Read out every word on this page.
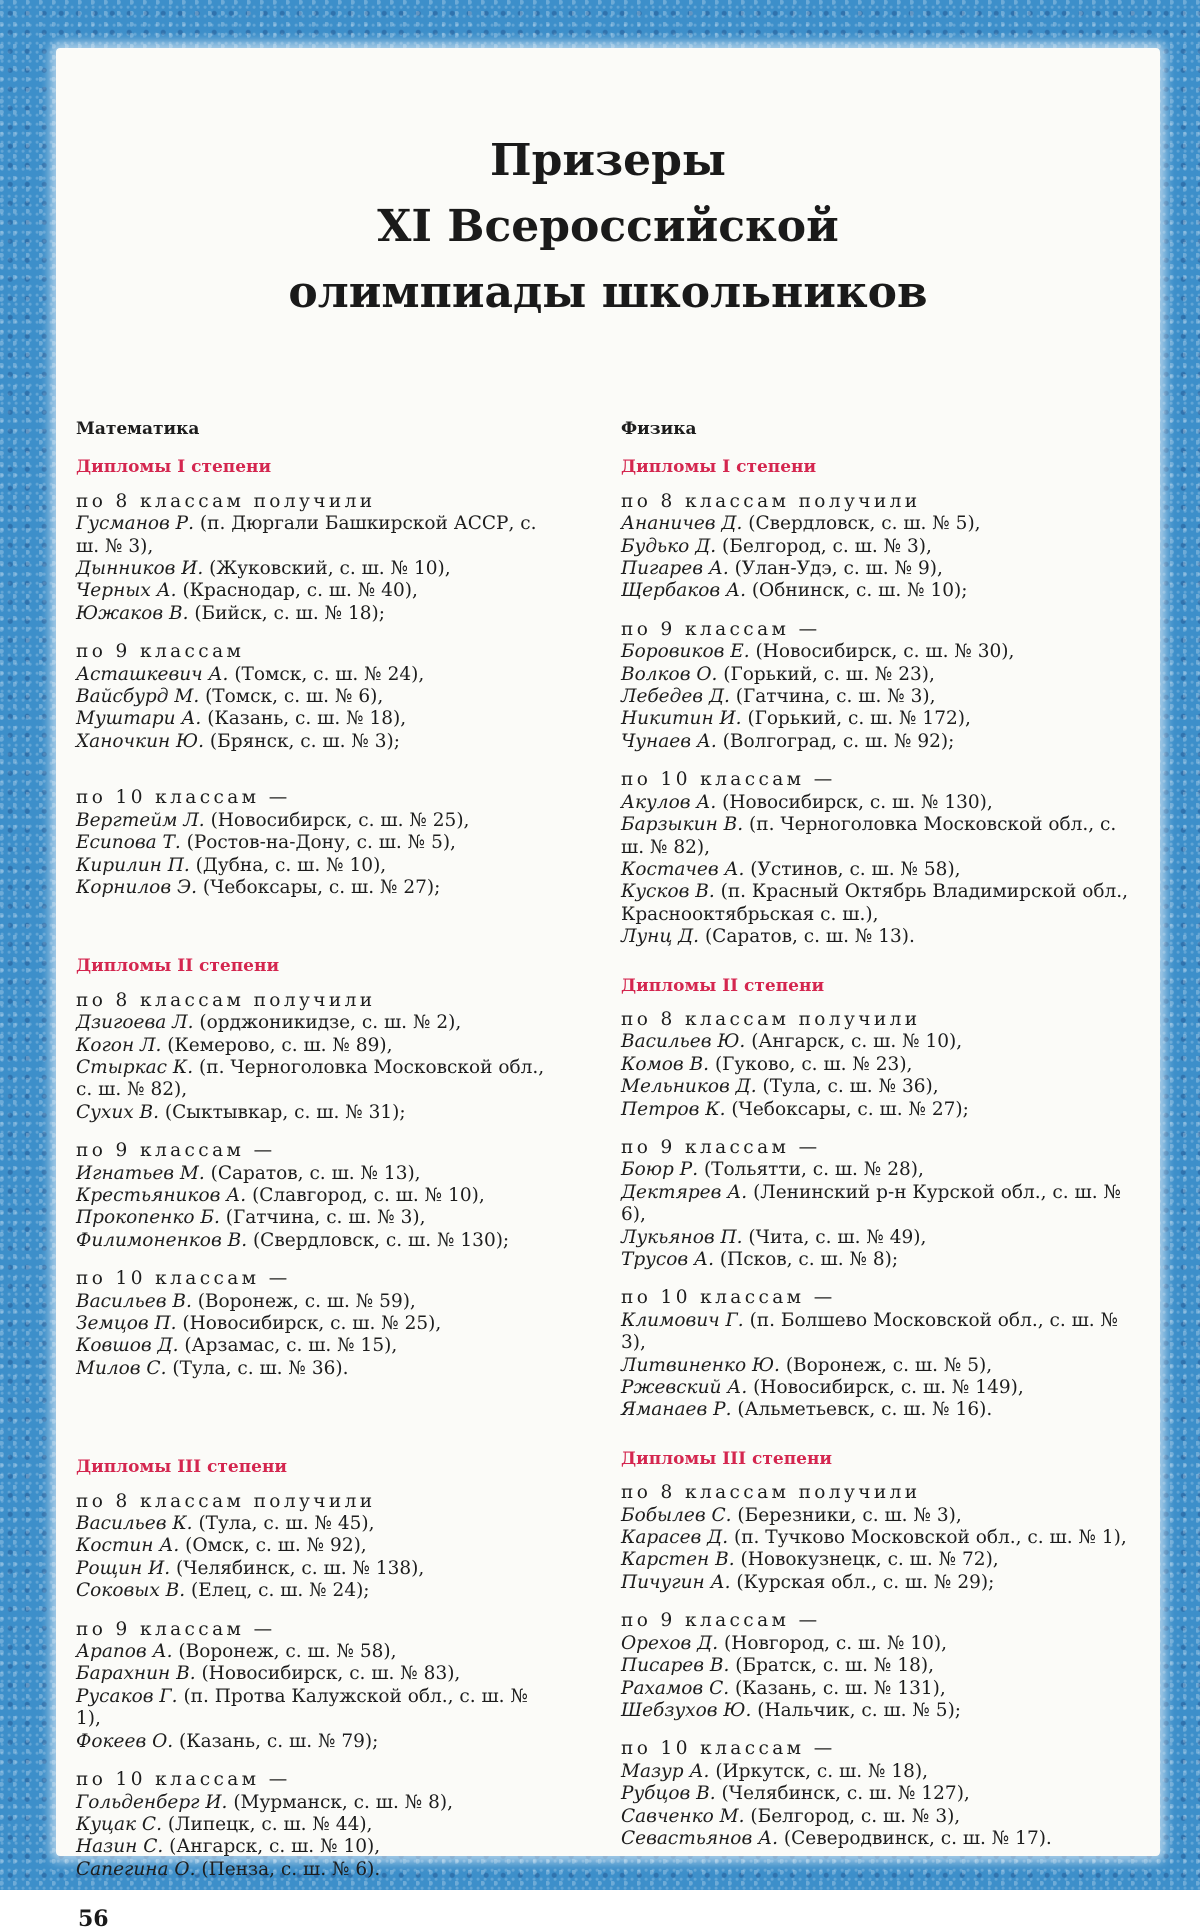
Призеры
XI Всероссийской
олимпиады школьников
Математика
Дипломы I степени
по 8 классам получили
Гусманов Р. (п. Дюргали Башкирской АССР, с. ш. № 3),
Дынников И. (Жуковский, с. ш. № 10),
Черных А. (Краснодар, с. ш. № 40),
Южаков В. (Бийск, с. ш. № 18);
по 9 классам
Асташкевич А. (Томск, с. ш. № 24),
Вайсбурд М. (Томск, с. ш. № 6),
Муштари А. (Казань, с. ш. № 18),
Ханочкин Ю. (Брянск, с. ш. № 3);
по 10 классам —
Вергтейм Л. (Новосибирск, с. ш. № 25),
Есипова Т. (Ростов-на-Дону, с. ш. № 5),
Кирилин П. (Дубна, с. ш. № 10),
Корнилов Э. (Чебоксары, с. ш. № 27);
Дипломы II степени
по 8 классам получили
Дзигоева Л. (орджоникидзе, с. ш. № 2),
Когон Л. (Кемерово, с. ш. № 89),
Стыркас К. (п. Черноголовка Московской обл., с. ш. № 82),
Сухих В. (Сыктывкар, с. ш. № 31);
по 9 классам —
Игнатьев М. (Саратов, с. ш. № 13),
Крестьяников А. (Славгород, с. ш. № 10),
Прокопенко Б. (Гатчина, с. ш. № 3),
Филимоненков В. (Свердловск, с. ш. № 130);
по 10 классам —
Васильев В. (Воронеж, с. ш. № 59),
Земцов П. (Новосибирск, с. ш. № 25),
Ковшов Д. (Арзамас, с. ш. № 15),
Милов С. (Тула, с. ш. № 36).
Дипломы III степени
по 8 классам получили
Васильев К. (Тула, с. ш. № 45),
Костин А. (Омск, с. ш. № 92),
Рощин И. (Челябинск, с. ш. № 138),
Соковых В. (Елец, с. ш. № 24);
по 9 классам —
Арапов А. (Воронеж, с. ш. № 58),
Барахнин В. (Новосибирск, с. ш. № 83),
Русаков Г. (п. Протва Калужской обл., с. ш. № 1),
Фокеев О. (Казань, с. ш. № 79);
по 10 классам —
Гольденберг И. (Мурманск, с. ш. № 8),
Куцак С. (Липецк, с. ш. № 44),
Назин С. (Ангарск, с. ш. № 10),
Сапегина О. (Пенза, с. ш. № 6).
Физика
Дипломы I степени
по 8 классам получили
Ананичев Д. (Свердловск, с. ш. № 5),
Будько Д. (Белгород, с. ш. № 3),
Пигарев А. (Улан-Удэ, с. ш. № 9),
Щербаков А. (Обнинск, с. ш. № 10);
по 9 классам —
Боровиков Е. (Новосибирск, с. ш. № 30),
Волков О. (Горький, с. ш. № 23),
Лебедев Д. (Гатчина, с. ш. № 3),
Никитин И. (Горький, с. ш. № 172),
Чунаев А. (Волгоград, с. ш. № 92);
по 10 классам —
Акулов А. (Новосибирск, с. ш. № 130),
Барзыкин В. (п. Черноголовка Московской обл., с. ш. № 82),
Костачев А. (Устинов, с. ш. № 58),
Кусков В. (п. Красный Октябрь Владимирской обл., Краснооктябрьская с. ш.),
Лунц Д. (Саратов, с. ш. № 13).
Дипломы II степени
по 8 классам получили
Васильев Ю. (Ангарск, с. ш. № 10),
Комов В. (Гуково, с. ш. № 23),
Мельников Д. (Тула, с. ш. № 36),
Петров К. (Чебоксары, с. ш. № 27);
по 9 классам —
Боюр Р. (Тольятти, с. ш. № 28),
Дектярев А. (Ленинский р-н Курской обл., с. ш. № 6),
Лукьянов П. (Чита, с. ш. № 49),
Трусов А. (Псков, с. ш. № 8);
по 10 классам —
Климович Г. (п. Болшево Московской обл., с. ш. № 3),
Литвиненко Ю. (Воронеж, с. ш. № 5),
Ржевский А. (Новосибирск, с. ш. № 149),
Яманаев Р. (Альметьевск, с. ш. № 16).
Дипломы III степени
по 8 классам получили
Бобылев С. (Березники, с. ш. № 3),
Карасев Д. (п. Тучково Московской обл., с. ш. № 1),
Карстен В. (Новокузнецк, с. ш. № 72),
Пичугин А. (Курская обл., с. ш. № 29);
по 9 классам —
Орехов Д. (Новгород, с. ш. № 10),
Писарев В. (Братск, с. ш. № 18),
Рахамов С. (Казань, с. ш. № 131),
Шебзухов Ю. (Нальчик, с. ш. № 5);
по 10 классам —
Мазур А. (Иркутск, с. ш. № 18),
Рубцов В. (Челябинск, с. ш. № 127),
Савченко М. (Белгород, с. ш. № 3),
Севастьянов А. (Северодвинск, с. ш. № 17).
56
